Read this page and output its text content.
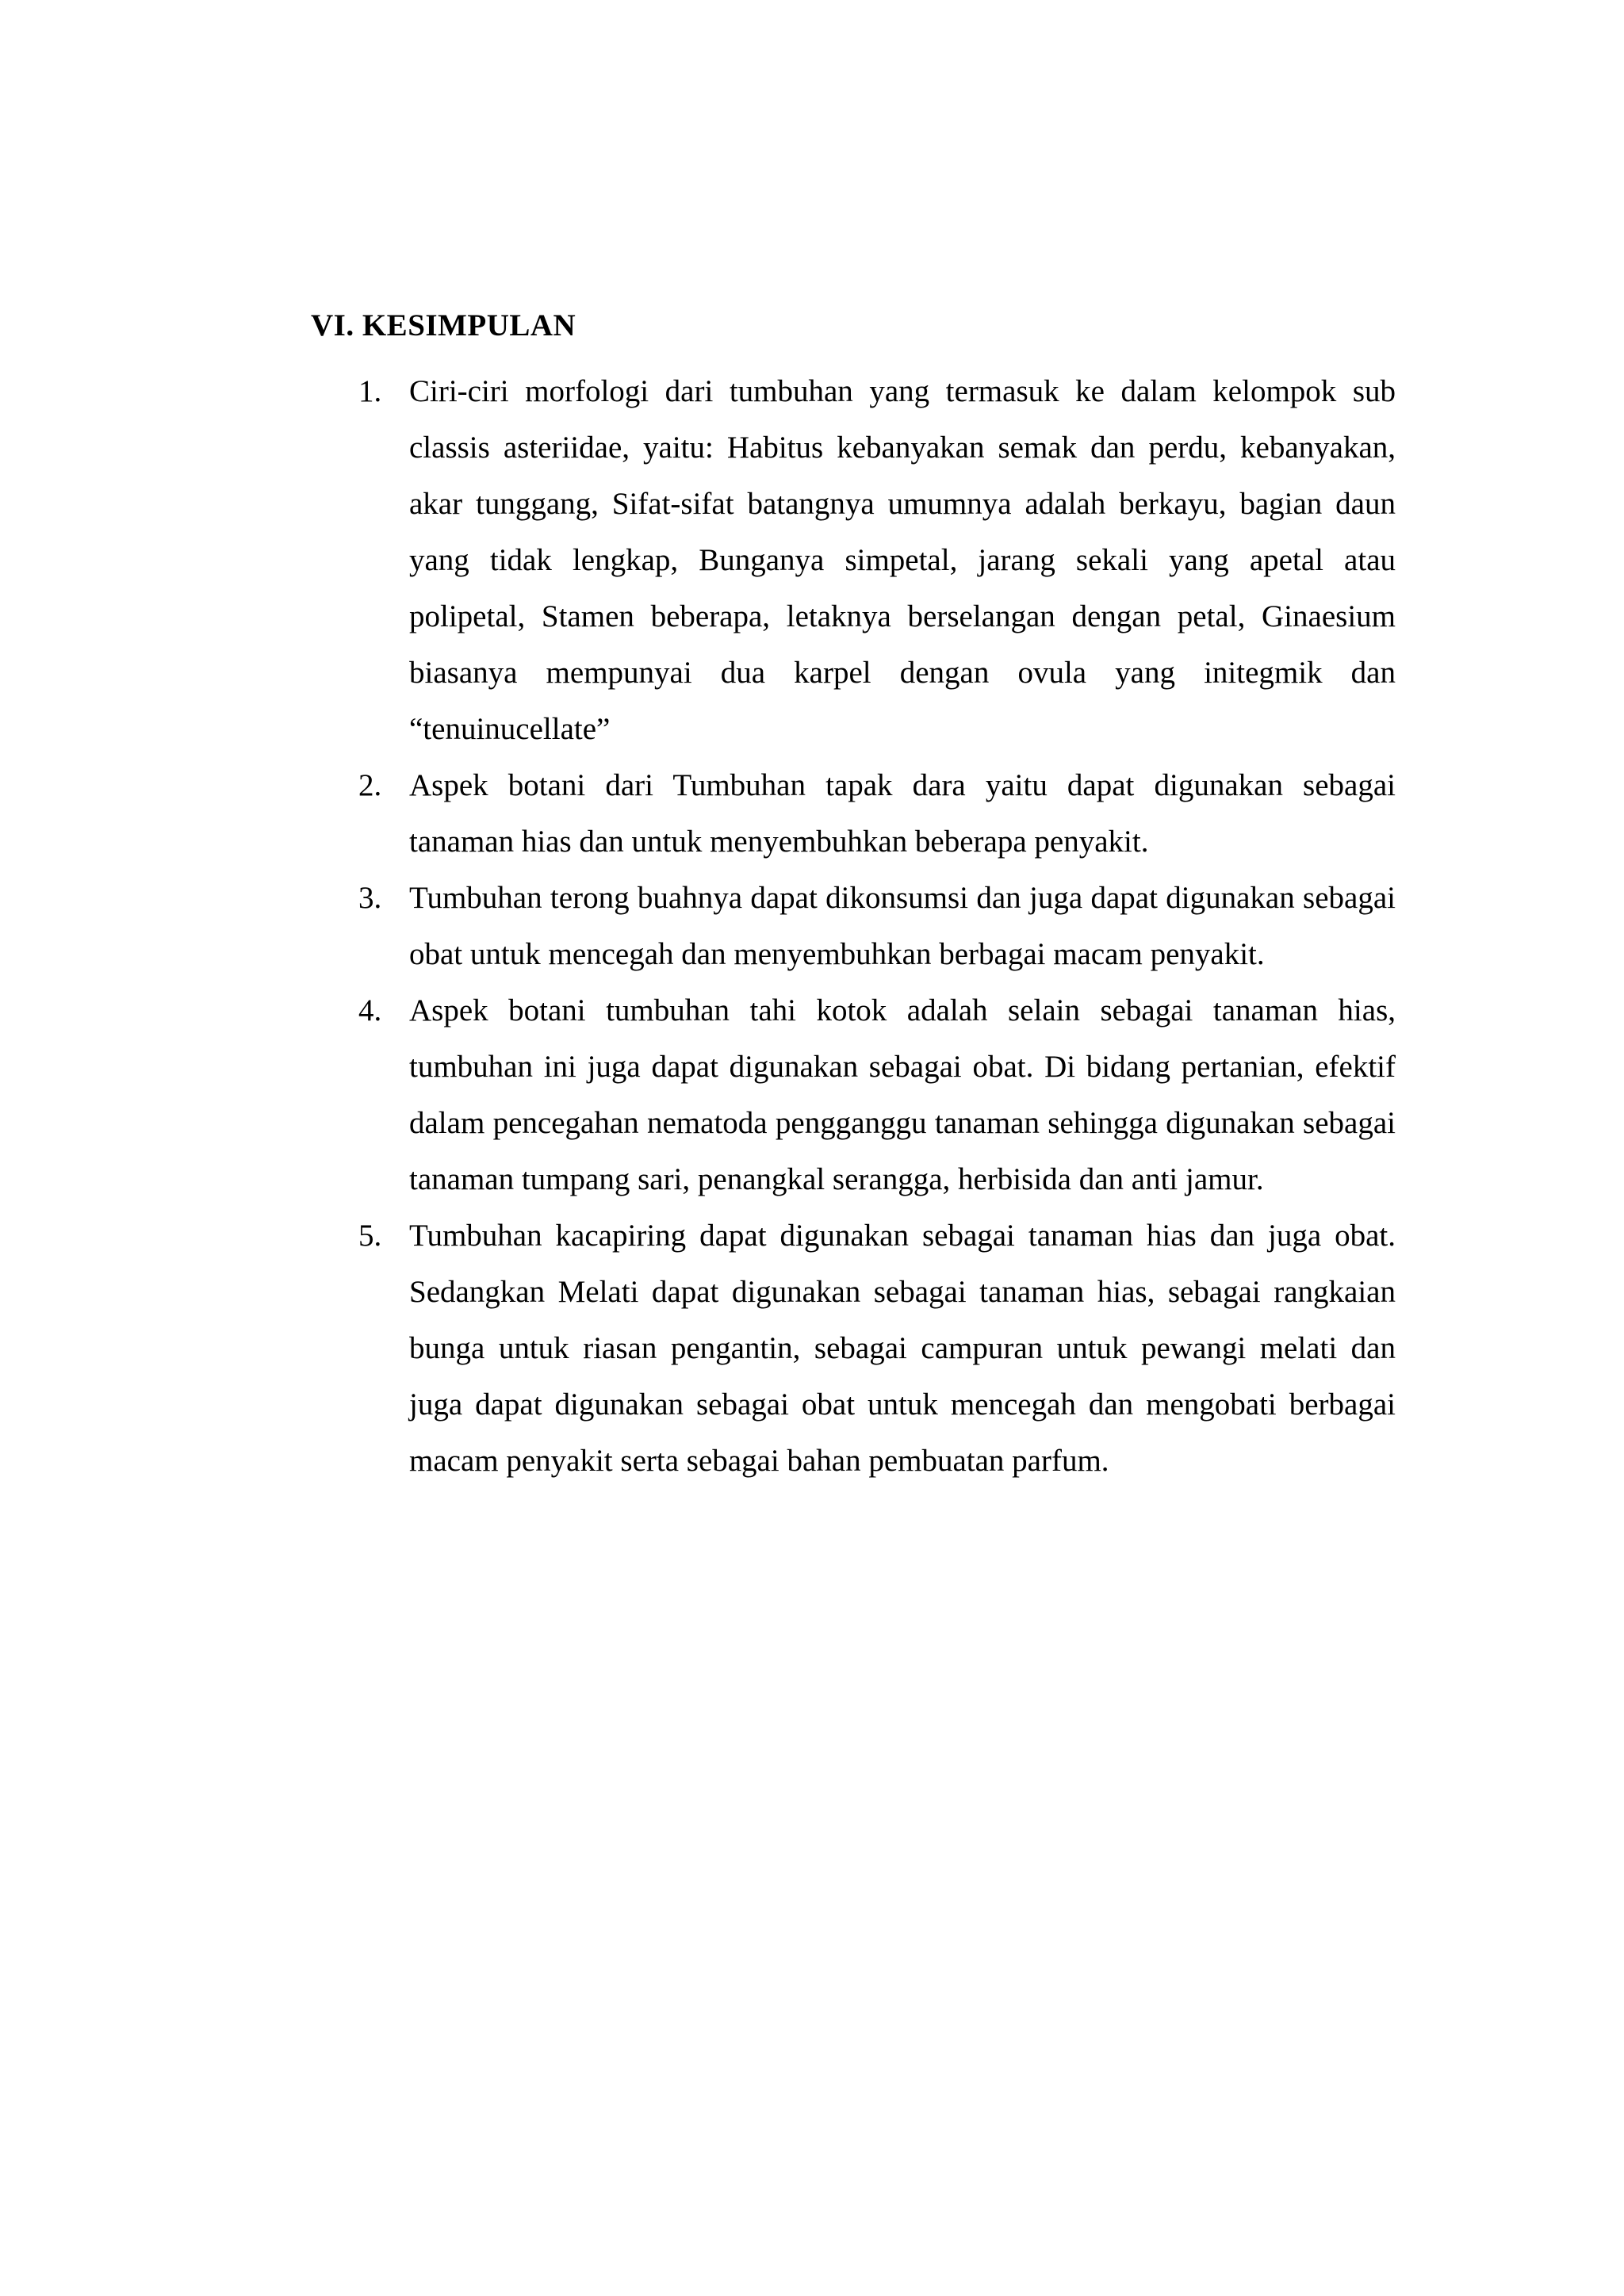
VI. KESIMPULAN
1. Ciri-ciri morfologi dari tumbuhan yang termasuk ke dalam kelompok sub classis asteriidae, yaitu: Habitus kebanyakan semak dan perdu, kebanyakan, akar tunggang, Sifat-sifat batangnya umumnya adalah berkayu, bagian daun yang tidak lengkap, Bunganya simpetal, jarang sekali yang apetal atau polipetal, Stamen beberapa, letaknya berselangan dengan petal, Ginaesium biasanya mempunyai dua karpel dengan ovula yang initegmik dan “tenuinucellate”

2. Aspek botani dari Tumbuhan tapak dara yaitu dapat digunakan sebagai tanaman hias dan untuk menyembuhkan beberapa penyakit.

3. Tumbuhan terong buahnya dapat dikonsumsi dan juga dapat digunakan sebagai obat untuk mencegah dan menyembuhkan berbagai macam penyakit.

4. Aspek botani tumbuhan tahi kotok adalah selain sebagai tanaman hias, tumbuhan ini juga dapat digunakan sebagai obat. Di bidang pertanian, efektif dalam pencegahan nematoda pengganggu tanaman sehingga digunakan sebagai tanaman tumpang sari, penangkal serangga, herbisida dan anti jamur.

5. Tumbuhan kacapiring dapat digunakan sebagai tanaman hias dan juga obat. Sedangkan Melati dapat digunakan sebagai tanaman hias, sebagai rangkaian bunga untuk riasan pengantin, sebagai campuran untuk pewangi melati dan juga dapat digunakan sebagai obat untuk mencegah dan mengobati berbagai macam penyakit serta sebagai bahan pembuatan parfum.
